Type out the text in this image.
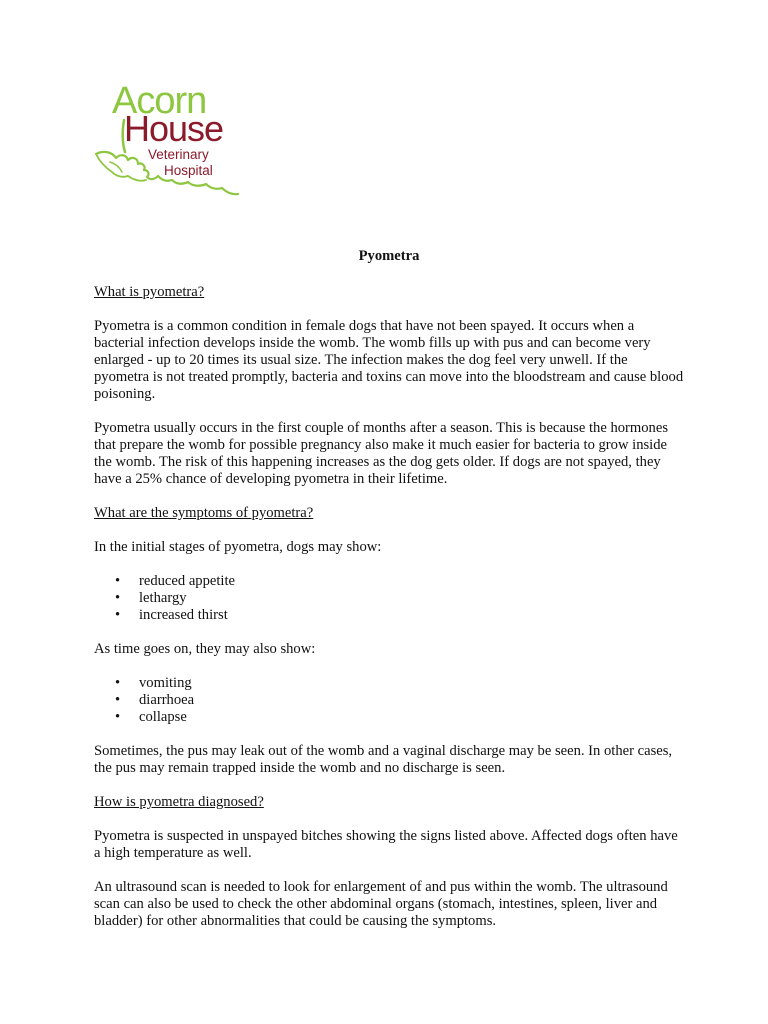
Acorn
House
Veterinary
Hospital
Pyometra
What is pyometra?
Pyometra is a common condition in female dogs that have not been spayed. It occurs when a bacterial infection develops inside the womb. The womb fills up with pus and can become very enlarged - up to 20 times its usual size. The infection makes the dog feel very unwell. If the pyometra is not treated promptly, bacteria and toxins can move into the bloodstream and cause blood poisoning.
Pyometra usually occurs in the first couple of months after a season. This is because the hormones that prepare the womb for possible pregnancy also make it much easier for bacteria to grow inside the womb. The risk of this happening increases as the dog gets older. If dogs are not spayed, they have a 25% chance of developing pyometra in their lifetime.
What are the symptoms of pyometra?
In the initial stages of pyometra, dogs may show:
• reduced appetite
• lethargy
• increased thirst
As time goes on, they may also show:
• vomiting
• diarrhoea
• collapse
Sometimes, the pus may leak out of the womb and a vaginal discharge may be seen. In other cases, the pus may remain trapped inside the womb and no discharge is seen.
How is pyometra diagnosed?
Pyometra is suspected in unspayed bitches showing the signs listed above. Affected dogs often have a high temperature as well.
An ultrasound scan is needed to look for enlargement of and pus within the womb. The ultrasound scan can also be used to check the other abdominal organs (stomach, intestines, spleen, liver and bladder) for other abnormalities that could be causing the symptoms.
